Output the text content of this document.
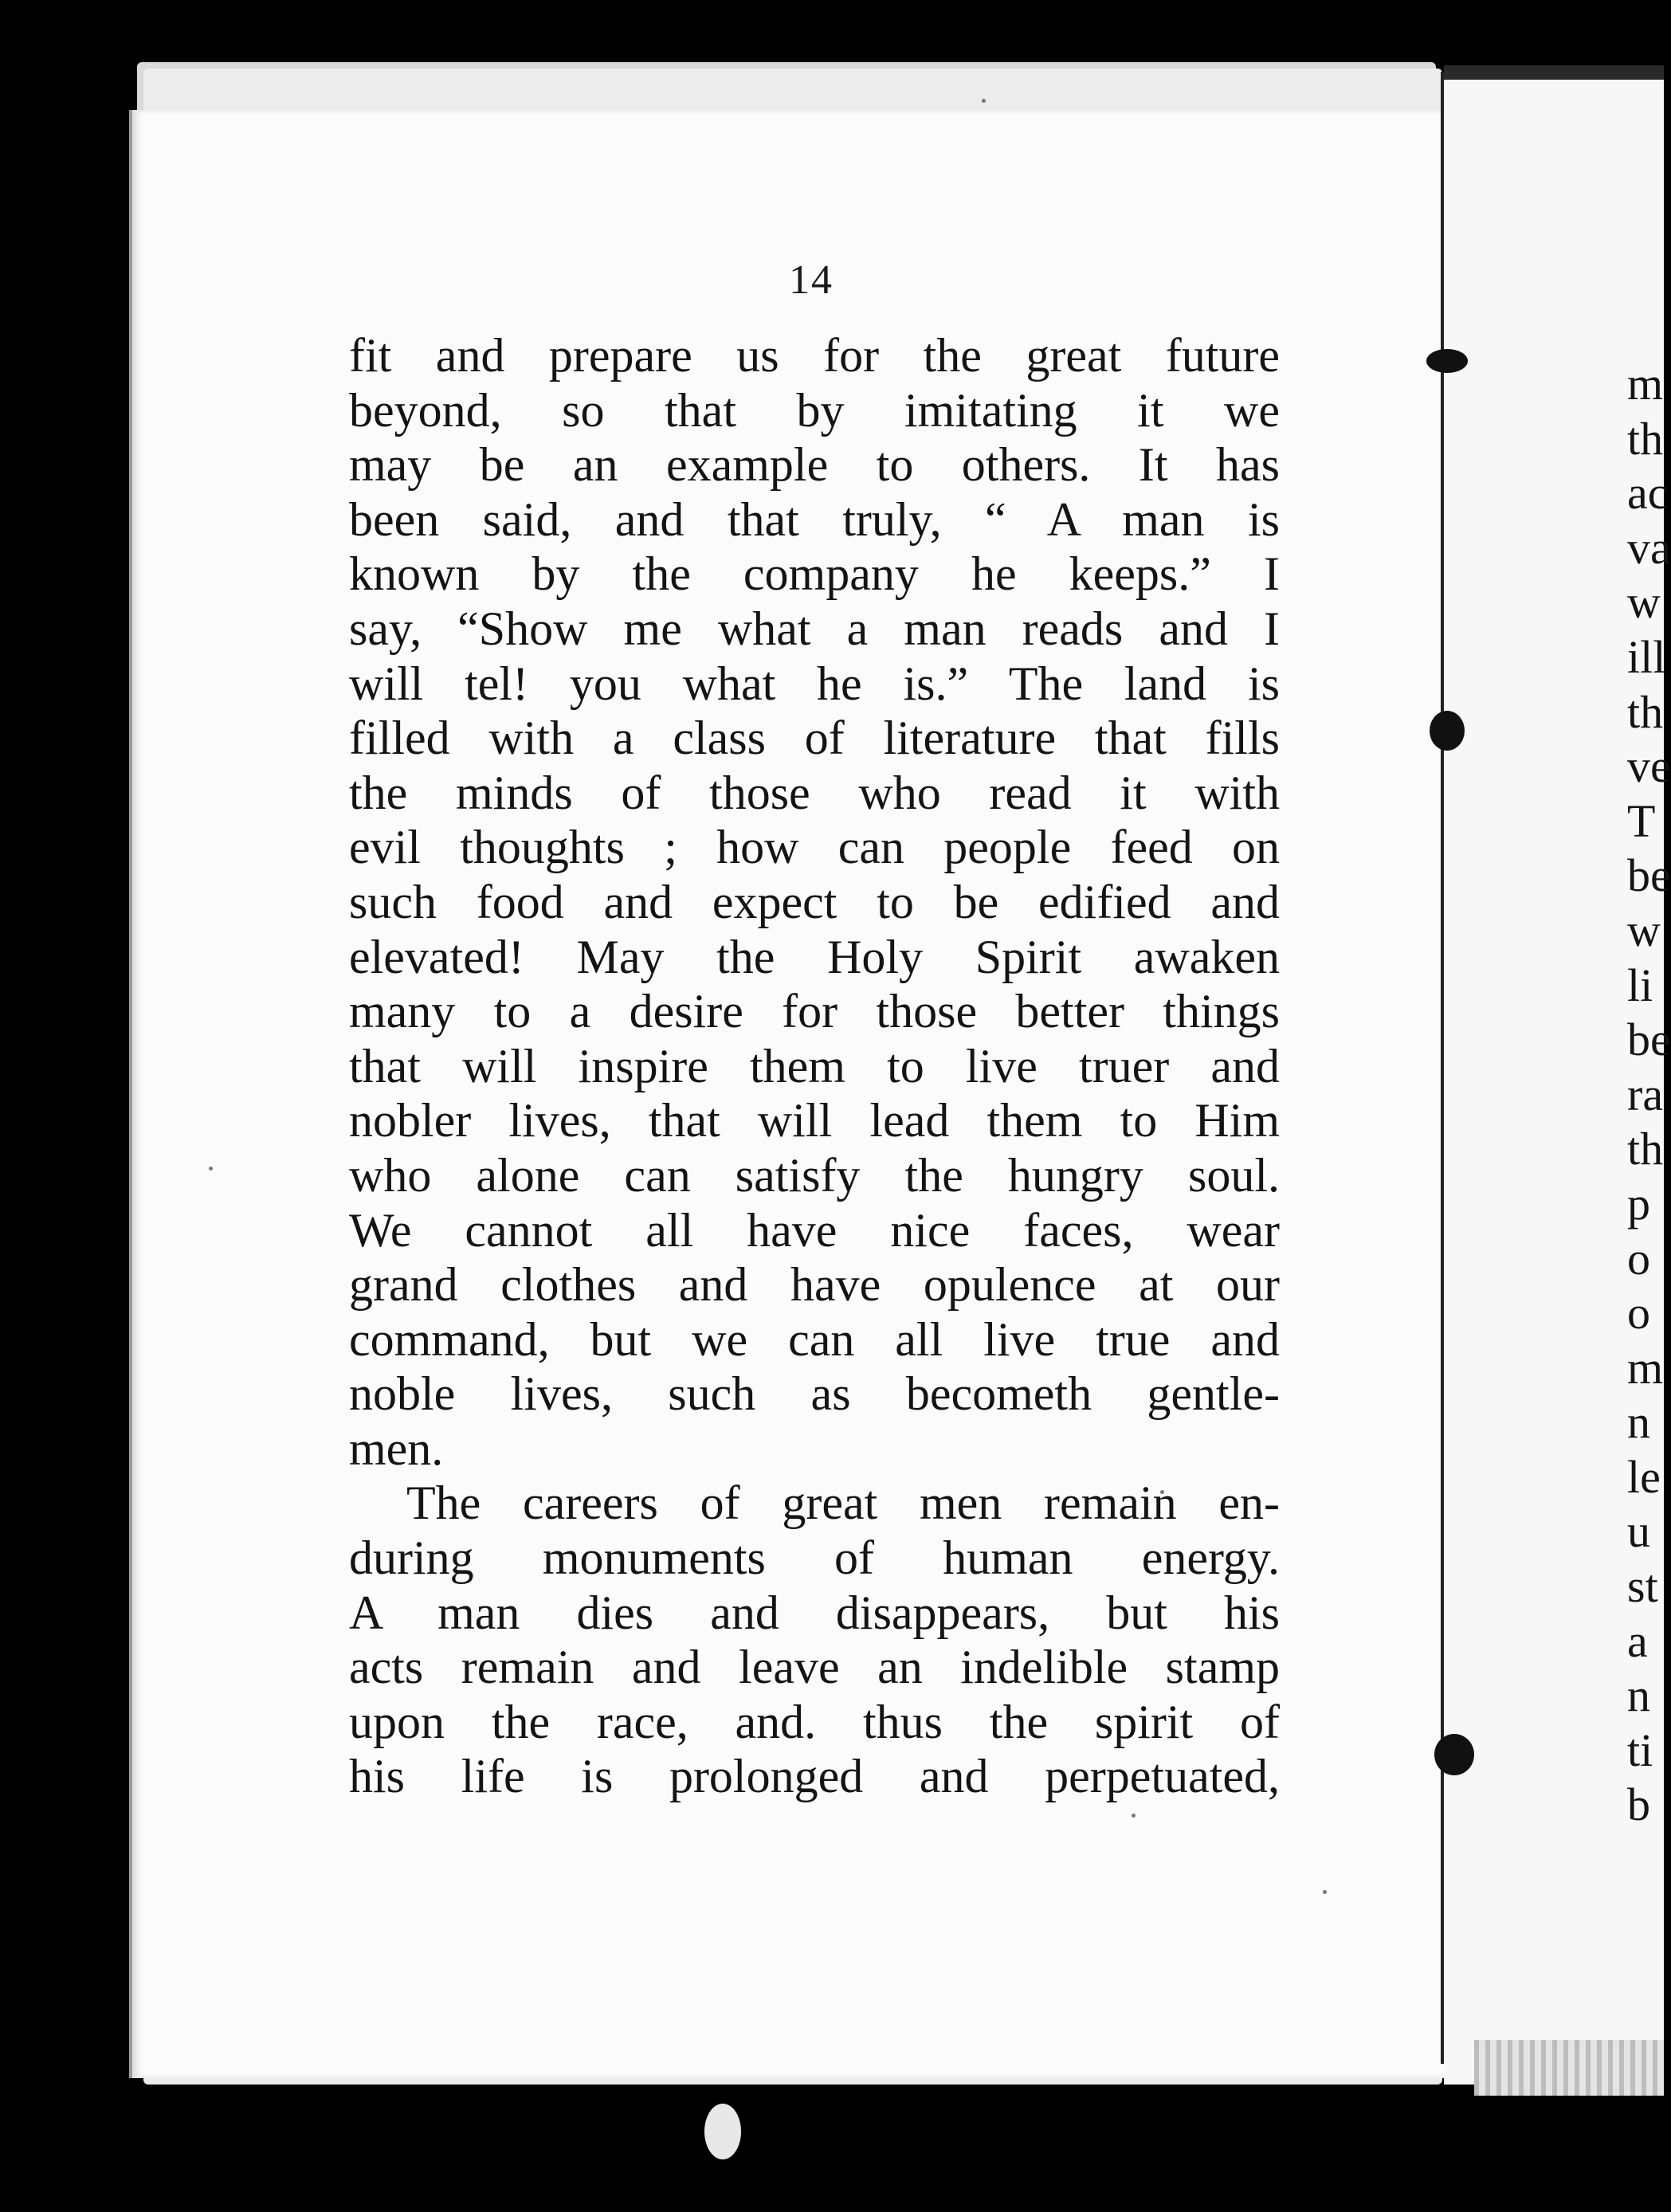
14
fit and prepare us for the great future
beyond, so that by imitating it we
may be an example to others. It has
been said, and that truly, “ A man is
known by the company he keeps.” I
say, “Show me what a man reads and I
will tel! you what he is.” The land is
filled with a class of literature that fills
the minds of those who read it with
evil thoughts ; how can people feed on
such food and expect to be edified and
elevated! May the Holy Spirit awaken
many to a desire for those better things
that will inspire them to live truer and
nobler lives, that will lead them to Him
who alone can satisfy the hungry soul.
We cannot all have nice faces, wear
grand clothes and have opulence at our
command, but we can all live true and
noble lives, such as becometh gentle-
men.
The careers of great men remain en-
during monuments of human energy.
A man dies and disappears, but his
acts remain and leave an indelible stamp
upon the race, and. thus the spirit of
his life is prolonged and perpetuated,
m
th
ac
va
w
ill
th
ve
T
be
w
li
be
ra
th
p
o
o
m
n
le
u
st
a
n
ti
b
